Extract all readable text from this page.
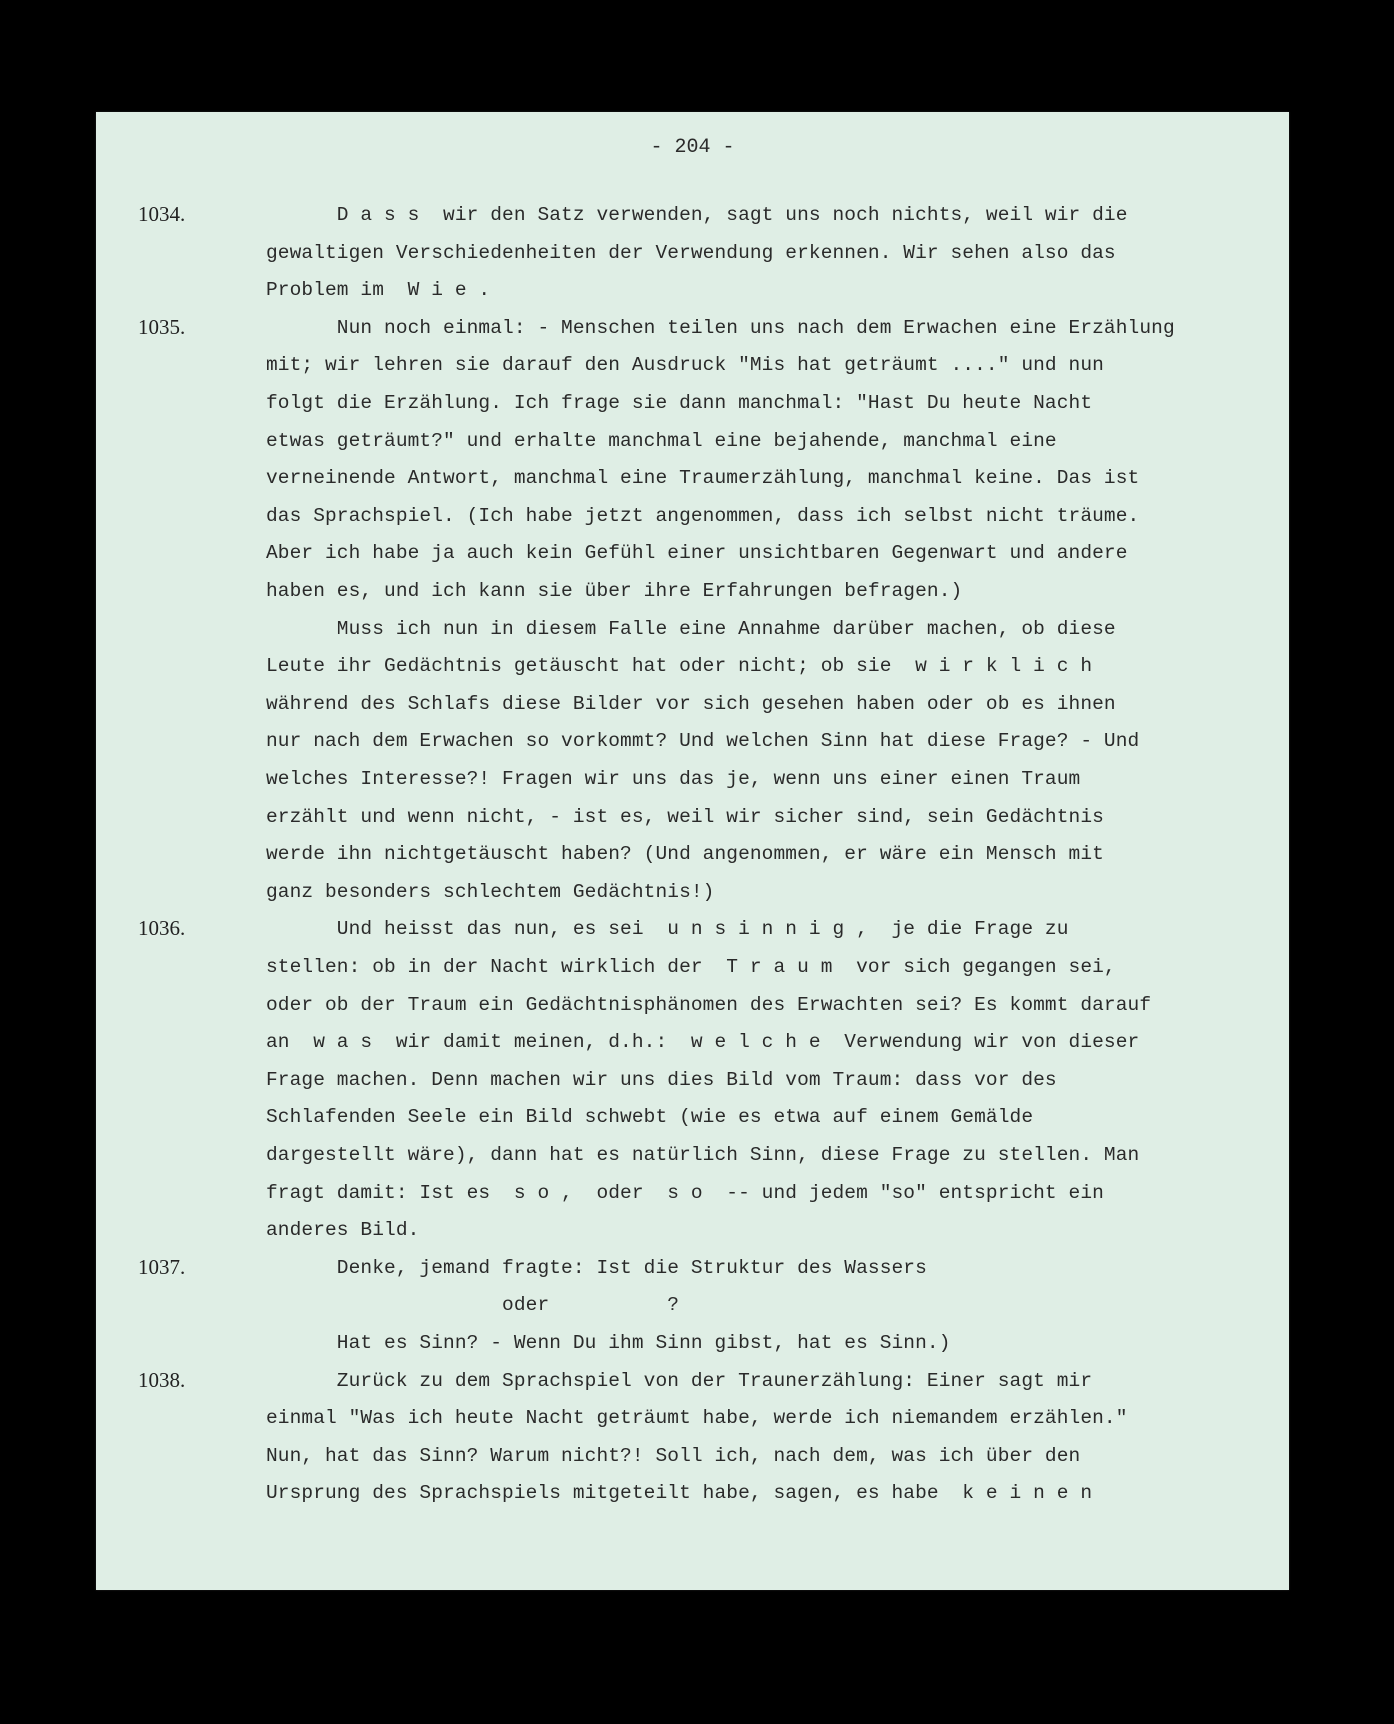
- 204 -
1034.	D a s s  wir den Satz verwenden, sagt uns noch nichts, weil wir die
gewaltigen Verschiedenheiten der Verwendung erkennen. Wir sehen also das
Problem im  W i e .
1035.	Nun noch einmal: - Menschen teilen uns nach dem Erwachen eine Erzählung
mit; wir lehren sie darauf den Ausdruck "Mis hat geträumt ...." und nun
folgt die Erzählung. Ich frage sie dann manchmal: "Hast Du heute Nacht
etwas geträumt?" und erhalte manchmal eine bejahende, manchmal eine
verneinende Antwort, manchmal eine Traumerzählung, manchmal keine. Das ist
das Sprachspiel. (Ich habe jetzt angenommen, dass ich selbst nicht träume.
Aber ich habe ja auch kein Gefühl einer unsichtbaren Gegenwart und andere
haben es, und ich kann sie über ihre Erfahrungen befragen.)
Muss ich nun in diesem Falle eine Annahme darüber machen, ob diese
Leute ihr Gedächtnis getäuscht hat oder nicht; ob sie  w i r k l i c h
während des Schlafs diese Bilder vor sich gesehen haben oder ob es ihnen
nur nach dem Erwachen so vorkommt? Und welchen Sinn hat diese Frage? - Und
welches Interesse?! Fragen wir uns das je, wenn uns einer einen Traum
erzählt und wenn nicht, - ist es, weil wir sicher sind, sein Gedächtnis
werde ihn nichtgetäuscht haben? (Und angenommen, er wäre ein Mensch mit
ganz besonders schlechtem Gedächtnis!)
1036.	Und heisst das nun, es sei  u n s i n n i g ,  je die Frage zu
stellen: ob in der Nacht wirklich der  T r a u m  vor sich gegangen sei,
oder ob der Traum ein Gedächtnisphänomen des Erwachten sei? Es kommt darauf
an  w a s  wir damit meinen, d.h.:  w e l c h e  Verwendung wir von dieser
Frage machen. Denn machen wir uns dies Bild vom Traum: dass vor des
Schlafenden Seele ein Bild schwebt (wie es etwa auf einem Gemälde
dargestellt wäre), dann hat es natürlich Sinn, diese Frage zu stellen. Man
fragt damit: Ist es  s o ,  oder  s o  -- und jedem "so" entspricht ein
anderes Bild.
1037.	Denke, jemand fragte: Ist die Struktur des Wassers
oder          ?
Hat es Sinn? - Wenn Du ihm Sinn gibst, hat es Sinn.)
1038.	Zurück zu dem Sprachspiel von der Traunerzählung: Einer sagt mir
einmal "Was ich heute Nacht geträumt habe, werde ich niemandem erzählen."
Nun, hat das Sinn? Warum nicht?! Soll ich, nach dem, was ich über den
Ursprung des Sprachspiels mitgeteilt habe, sagen, es habe  k e i n e n
